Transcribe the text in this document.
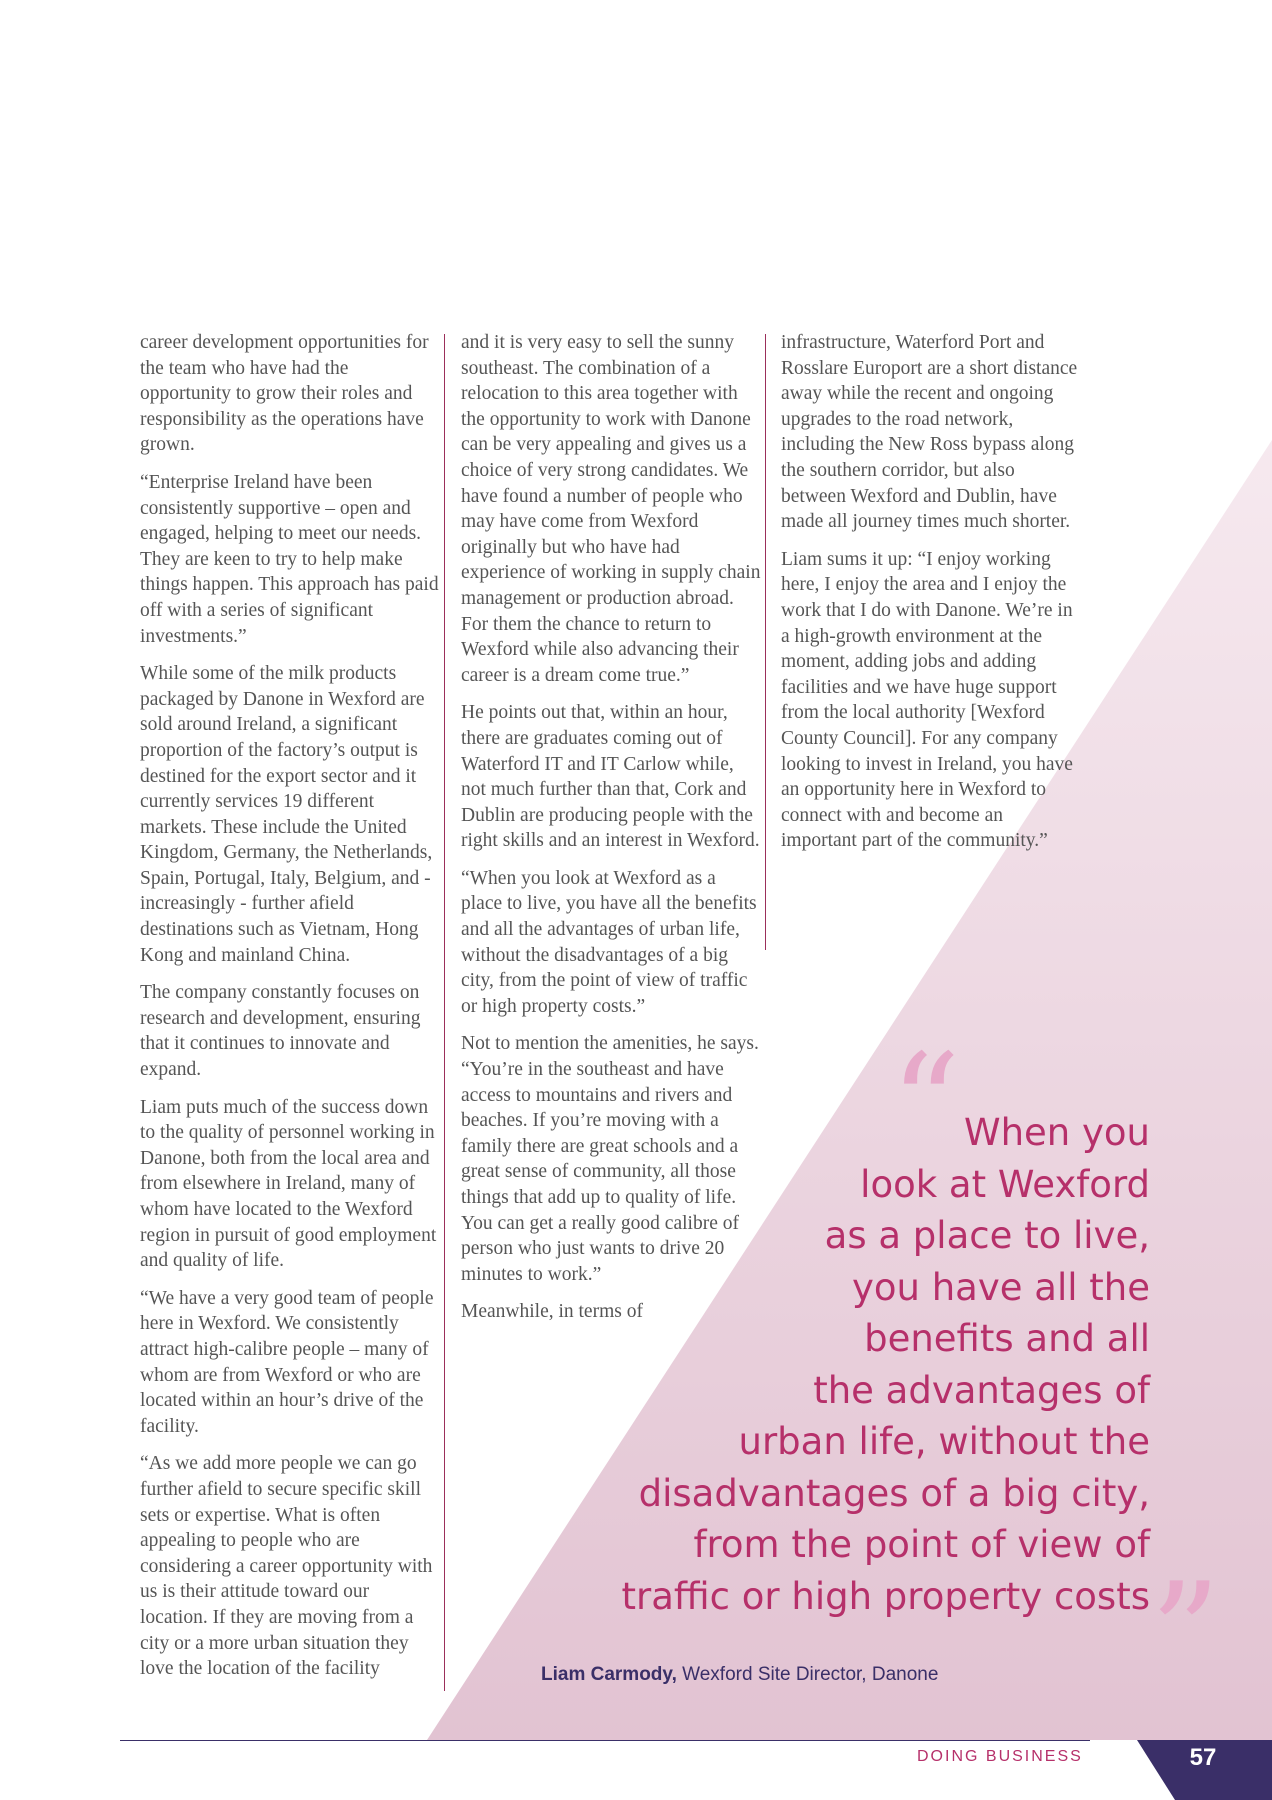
career development opportunities for the team who have had the opportunity to grow their roles and responsibility as the operations have grown.

“Enterprise Ireland have been consistently supportive – open and engaged, helping to meet our needs. They are keen to try to help make things happen. This approach has paid off with a series of significant investments.”

While some of the milk products packaged by Danone in Wexford are sold around Ireland, a significant proportion of the factory’s output is destined for the export sector and it currently services 19 different markets. These include the United Kingdom, Germany, the Netherlands, Spain, Portugal, Italy, Belgium, and - increasingly - further afield destinations such as Vietnam, Hong Kong and mainland China.

The company constantly focuses on research and development, ensuring that it continues to innovate and expand.

Liam puts much of the success down to the quality of personnel working in Danone, both from the local area and from elsewhere in Ireland, many of whom have located to the Wexford region in pursuit of good employment and quality of life.

“We have a very good team of people here in Wexford. We consistently attract high-calibre people – many of whom are from Wexford or who are located within an hour’s drive of the facility.

“As we add more people we can go further afield to secure specific skill sets or expertise. What is often appealing to people who are considering a career opportunity with us is their attitude toward our location. If they are moving from a city or a more urban situation they love the location of the facility

and it is very easy to sell the sunny southeast. The combination of a relocation to this area together with the opportunity to work with Danone can be very appealing and gives us a choice of very strong candidates. We have found a number of people who may have come from Wexford originally but who have had experience of working in supply chain management or production abroad. For them the chance to return to Wexford while also advancing their career is a dream come true.”

He points out that, within an hour, there are graduates coming out of Waterford IT and IT Carlow while, not much further than that, Cork and Dublin are producing people with the right skills and an interest in Wexford.

“When you look at Wexford as a place to live, you have all the benefits and all the advantages of urban life, without the disadvantages of a big city, from the point of view of traffic or high property costs.”

Not to mention the amenities, he says. “You’re in the southeast and have access to mountains and rivers and beaches. If you’re moving with a family there are great schools and a great sense of community, all those things that add up to quality of life. You can get a really good calibre of person who just wants to drive 20 minutes to work.”

Meanwhile, in terms of

infrastructure, Waterford Port and Rosslare Europort are a short distance away while the recent and ongoing upgrades to the road network, including the New Ross bypass along the southern corridor, but also between Wexford and Dublin, have made all journey times much shorter.

Liam sums it up: “I enjoy working here, I enjoy the area and I enjoy the work that I do with Danone. We’re in a high-growth environment at the moment, adding jobs and adding facilities and we have huge support from the local authority [Wexford County Council]. For any company looking to invest in Ireland, you have an opportunity here in Wexford to connect with and become an important part of the community.”

“ When you
look at Wexford
as a place to live,
you have all the
benefits and all
the advantages of
urban life, without the
disadvantages of a big city,
from the point of view of
traffic or high property costs ”
Liam Carmody, Wexford Site Director, Danone
DOING BUSINESS	57
